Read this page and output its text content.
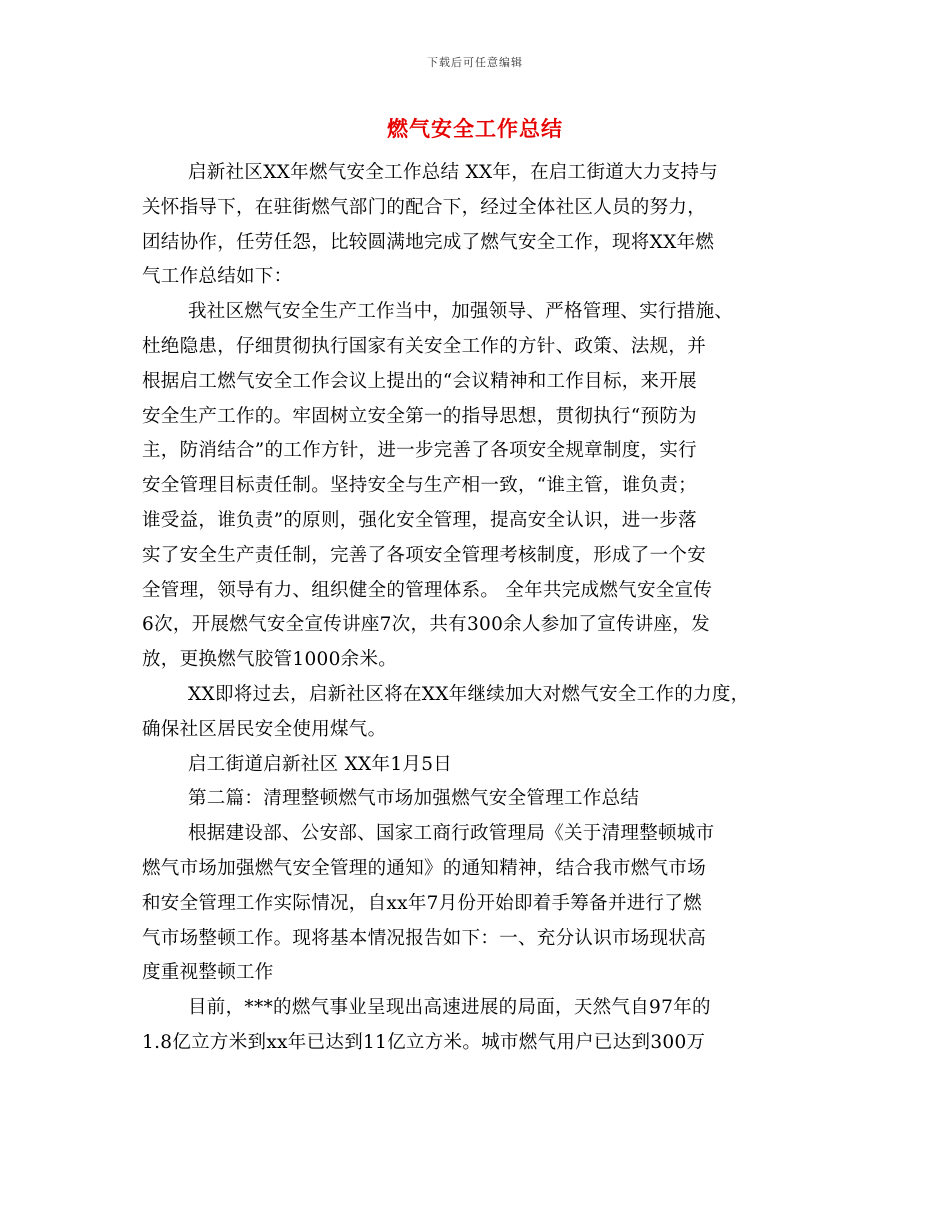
下载后可任意编辑
燃气安全工作总结
启新社区XX年燃气安全工作总结 XX年，在启工街道大力支持与
关怀指导下，在驻街燃气部门的配合下，经过全体社区人员的努力，
团结协作，任劳任怨，比较圆满地完成了燃气安全工作，现将XX年燃
气工作总结如下：
我社区燃气安全生产工作当中，加强领导、严格管理、实行措施、
杜绝隐患，仔细贯彻执行国家有关安全工作的方针、政策、法规，并
根据启工燃气安全工作会议上提出的“会议精神和工作目标，来开展
安全生产工作的。牢固树立安全第一的指导思想，贯彻执行“预防为
主，防消结合”的工作方针，进一步完善了各项安全规章制度，实行
安全管理目标责任制。坚持安全与生产相一致，“谁主管，谁负责；
谁受益，谁负责”的原则，强化安全管理，提高安全认识，进一步落
实了安全生产责任制，完善了各项安全管理考核制度，形成了一个安
全管理，领导有力、组织健全的管理体系。 全年共完成燃气安全宣传
6次，开展燃气安全宣传讲座7次，共有300余人参加了宣传讲座，发
放，更换燃气胶管1000余米。
XX即将过去，启新社区将在XX年继续加大对燃气安全工作的力度，
确保社区居民安全使用煤气。
启工街道启新社区 XX年1月5日
第二篇：清理整顿燃气市场加强燃气安全管理工作总结
根据建设部、公安部、国家工商行政管理局《关于清理整顿城市
燃气市场加强燃气安全管理的通知》的通知精神，结合我市燃气市场
和安全管理工作实际情况，自xx年7月份开始即着手筹备并进行了燃
气市场整顿工作。现将基本情况报告如下：一、充分认识市场现状高
度重视整顿工作
目前，***的燃气事业呈现出高速进展的局面，天然气自97年的
1.8亿立方米到xx年已达到11亿立方米。城市燃气用户已达到300万
